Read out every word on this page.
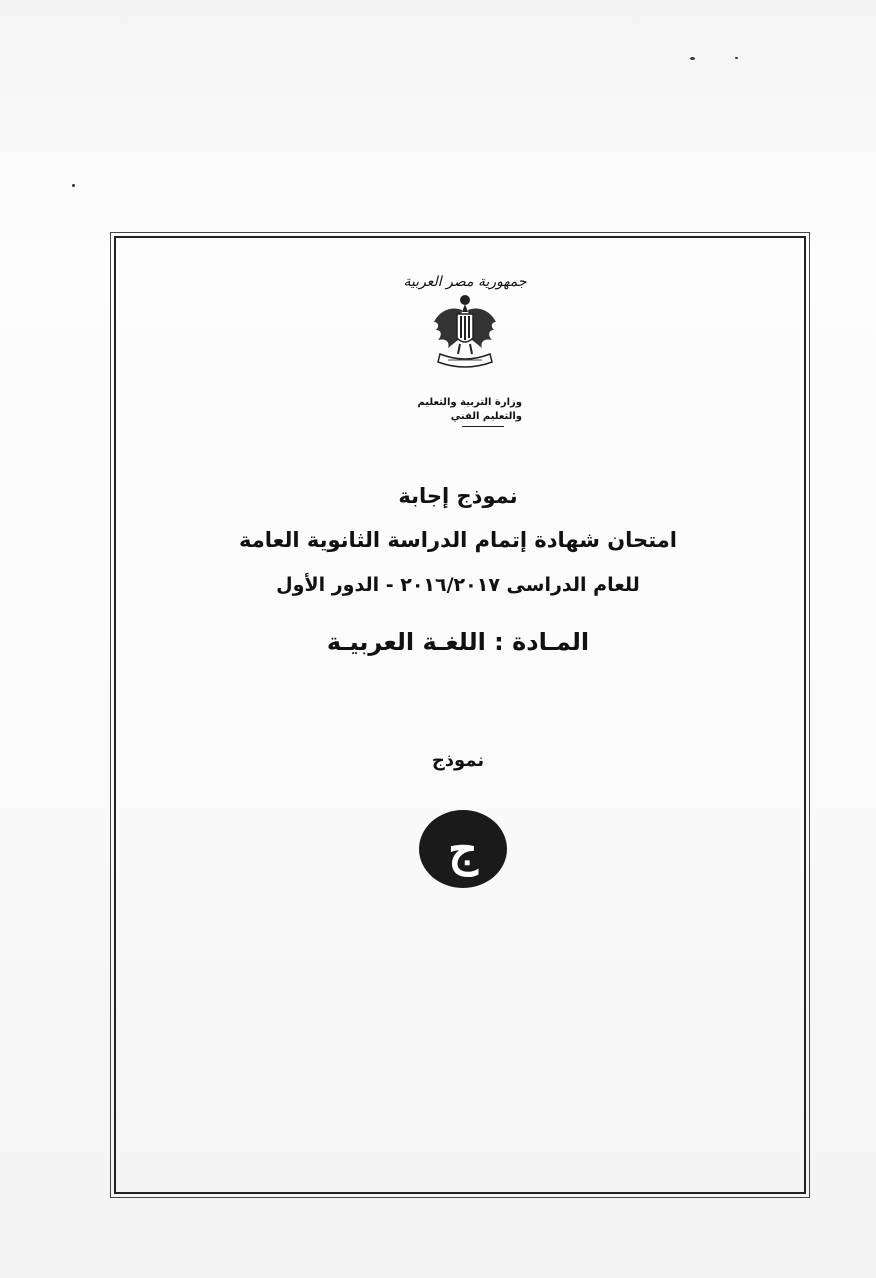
جمهورية مصر العربية
وزارة التربية والتعليم
والتعليم الفني
نموذج إجابة
امتحان شهادة إتمام الدراسة الثانوية العامة
للعام الدراسى ٢٠١٦/٢٠١٧ - الدور الأول
المـادة : اللغـة العربيـة
نموذج
ج
